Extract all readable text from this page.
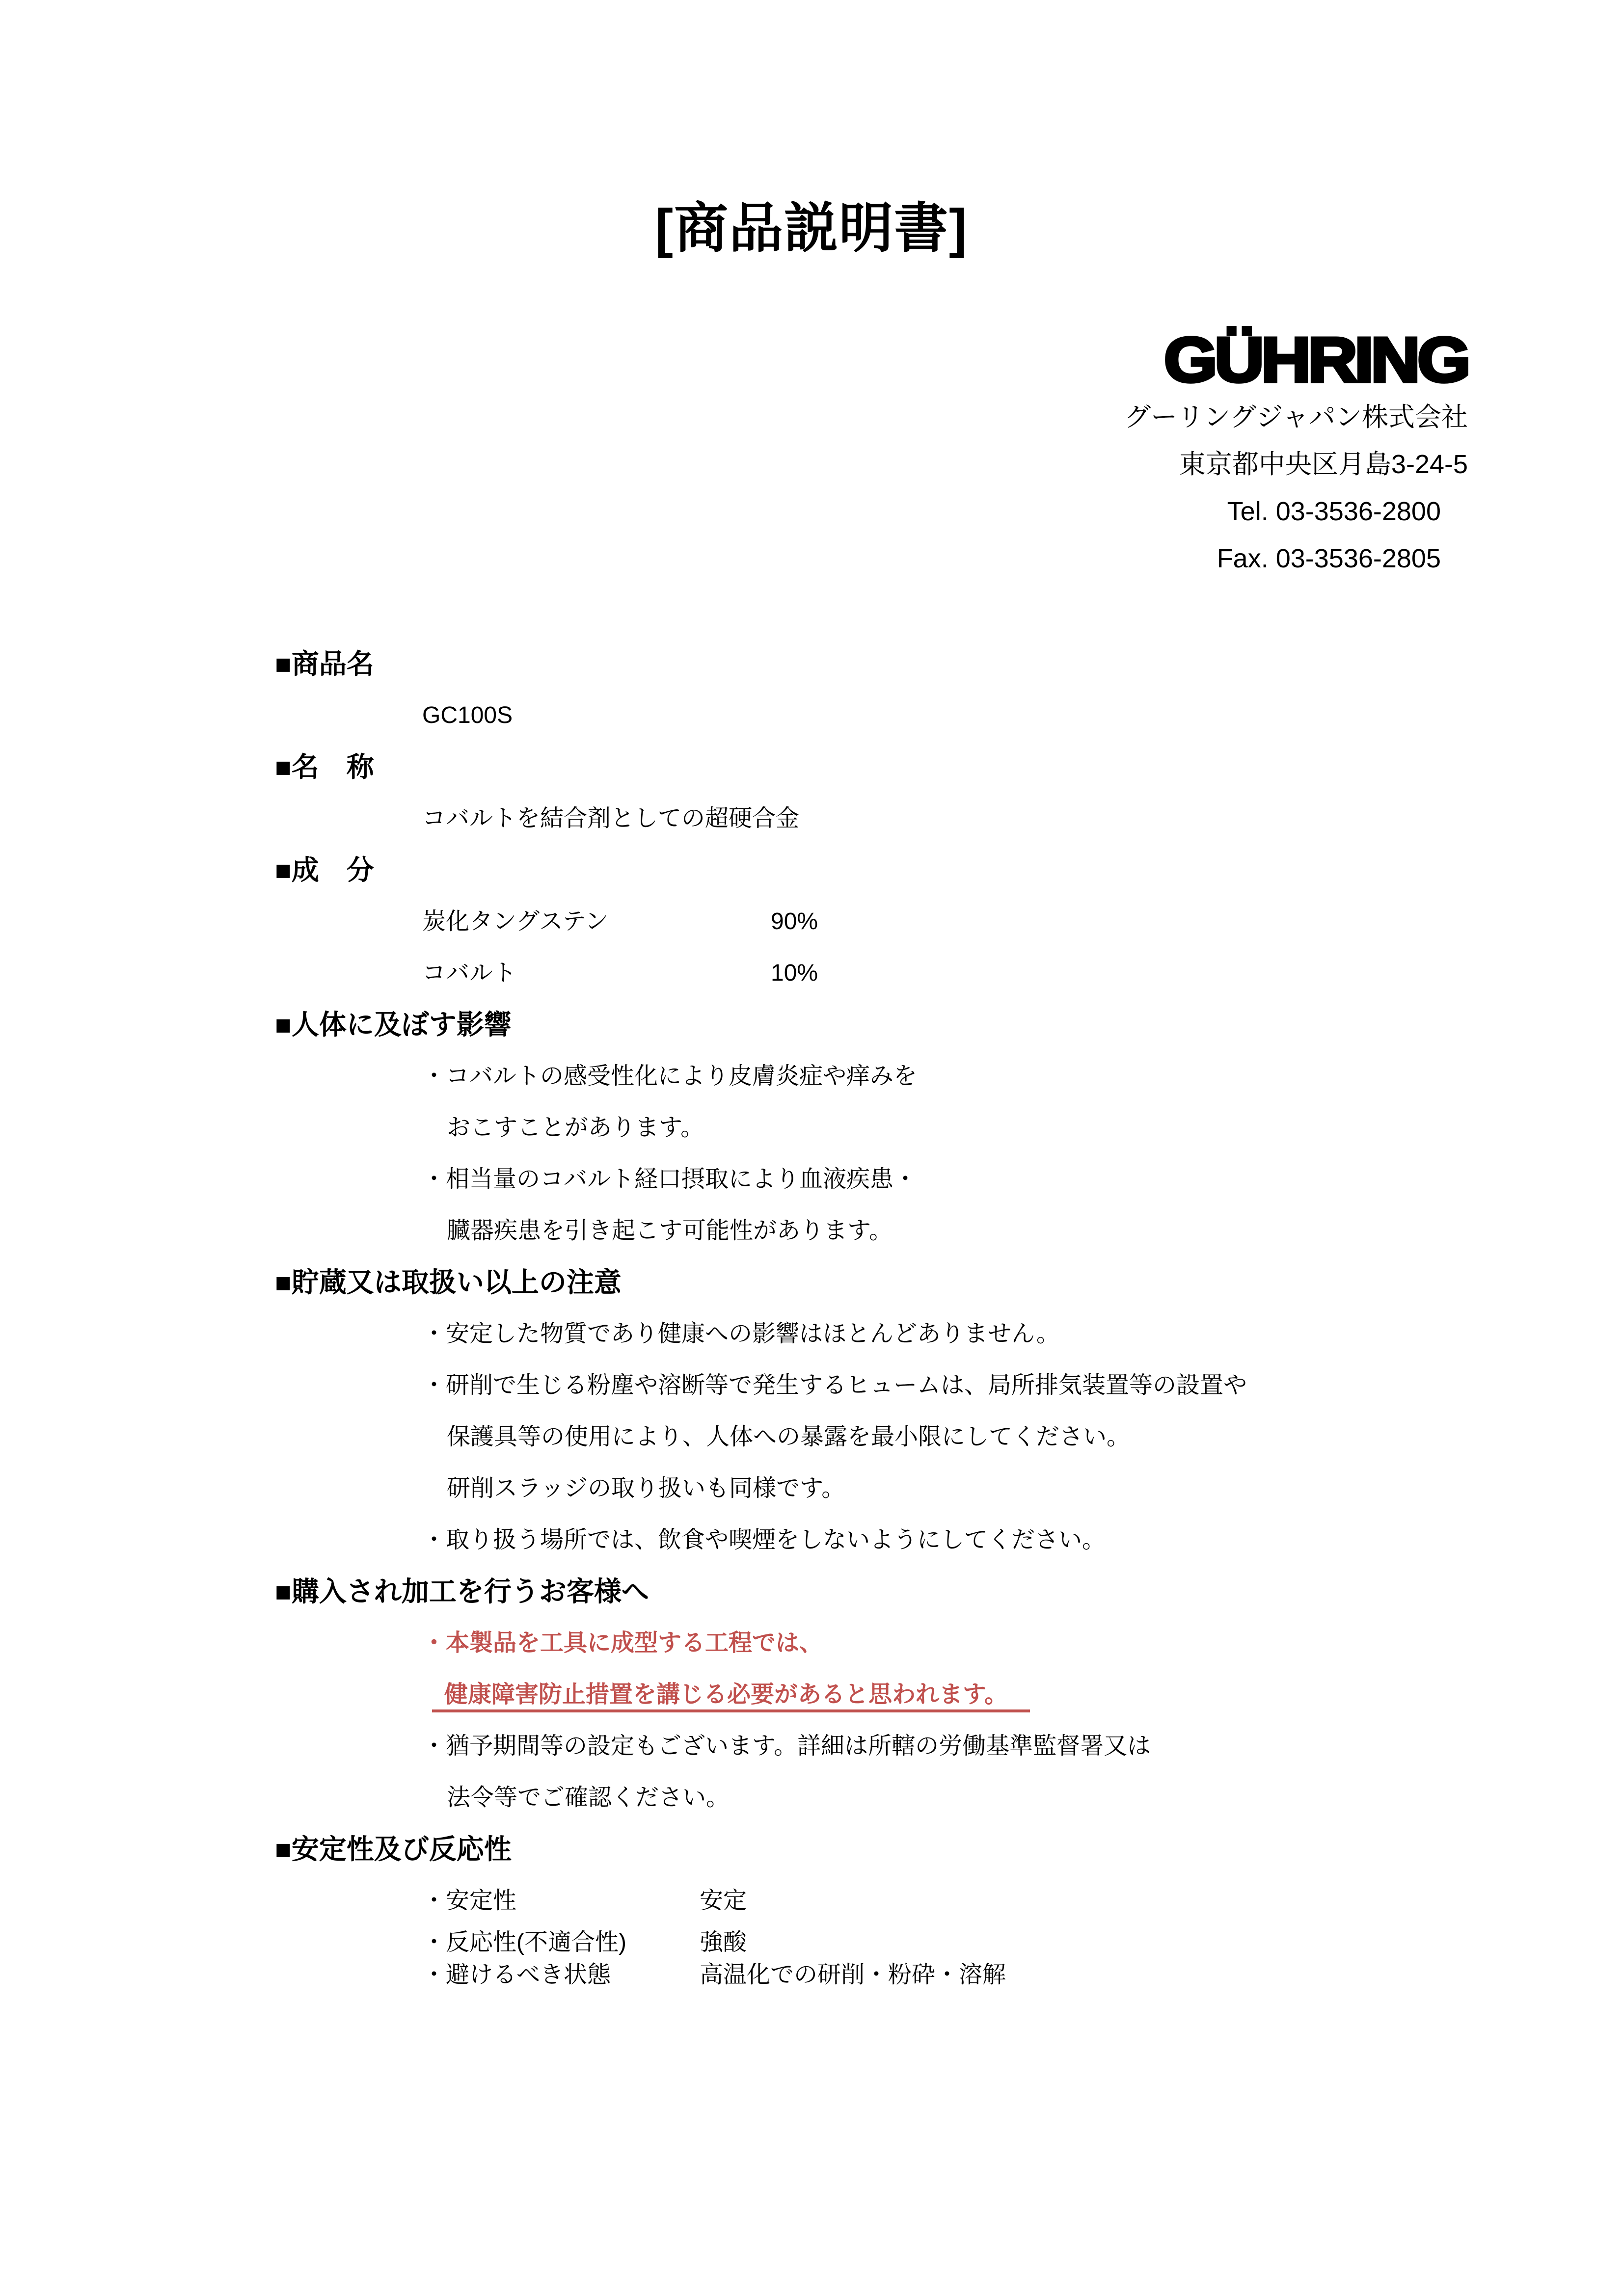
[商品説明書]
GÜHRING
グーリングジャパン株式会社
東京都中央区月島3-24-5
Tel. 03-3536-2800
Fax. 03-3536-2805
■商品名
GC100S
■名　称
コバルトを結合剤としての超硬合金
■成　分
炭化タングステン	90%
コバルト	10%
■人体に及ぼす影響
・コバルトの感受性化により皮膚炎症や痒みを
おこすことがあります。
・相当量のコバルト経口摂取により血液疾患・
臓器疾患を引き起こす可能性があります。
■貯蔵又は取扱い以上の注意
・安定した物質であり健康への影響はほとんどありません。
・研削で生じる粉塵や溶断等で発生するヒュームは、局所排気装置等の設置や
保護具等の使用により、人体への暴露を最小限にしてください。
研削スラッジの取り扱いも同様です。
・取り扱う場所では、飲食や喫煙をしないようにしてください。
■購入され加工を行うお客様へ
・本製品を工具に成型する工程では、
健康障害防止措置を講じる必要があると思われます。
・猶予期間等の設定もございます。詳細は所轄の労働基準監督署又は
法令等でご確認ください。
■安定性及び反応性
・安定性	安定
・反応性(不適合性)	強酸
・避けるべき状態	高温化での研削・粉砕・溶解
